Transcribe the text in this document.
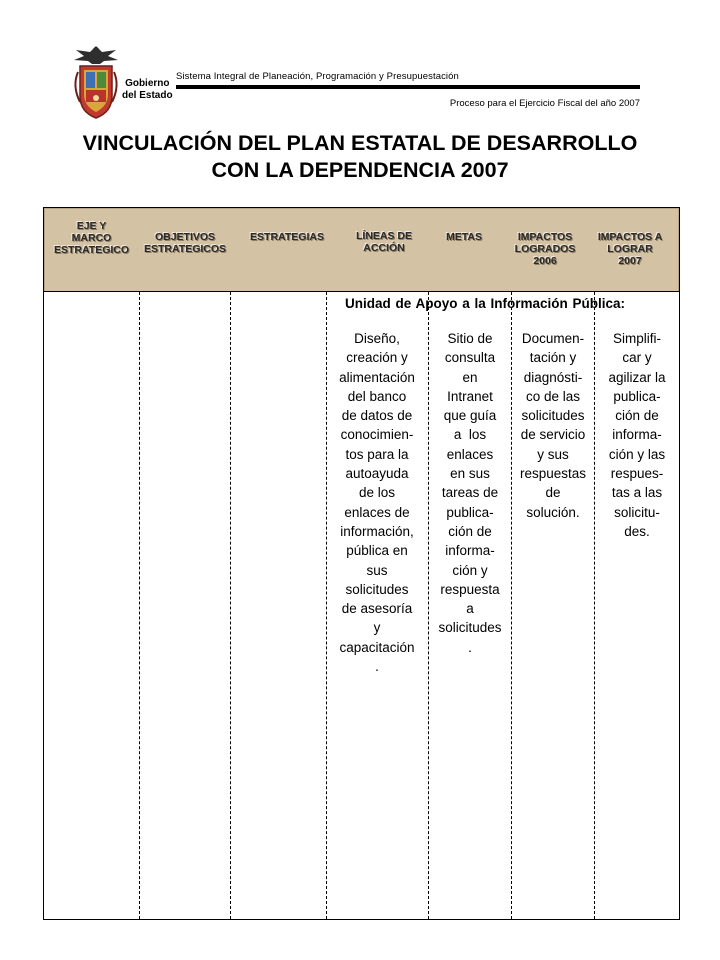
Gobierno
del Estado
Sistema Integral de Planeación, Programación y Presupuestación
Proceso para el Ejercicio Fiscal del año 2007
VINCULACIÓN DEL PLAN ESTATAL DE DESARROLLO
CON LA DEPENDENCIA 2007
EJE Y
MARCO
ESTRATEGICO
OBJETIVOS
ESTRATEGICOS
ESTRATEGIAS	LÍNEAS DE
ACCIÓN
METAS	IMPACTOS
LOGRADOS
2006
IMPACTOS A
LOGRAR
2007
Unidad de Apoyo a la Información Pública:
Diseño,
creación y
alimentación
del banco
de datos de
conocimien-
tos para la
autoayuda
de los
enlaces de
información,
pública en
sus
solicitudes
de asesoría
y
capacitación
.
Sitio de
consulta
en
Intranet
que guía
a  los
enlaces
en sus
tareas de
publica-
ción de
informa-
ción y
respuesta
a
solicitudes
.
Documen-
tación y
diagnósti-
co de las
solicitudes
de servicio
y sus
respuestas
de
solución.
Simplifi-
car y
agilizar la
publica-
ción de
informa-
ción y las
respues-
tas a las
solicitu-
des.
